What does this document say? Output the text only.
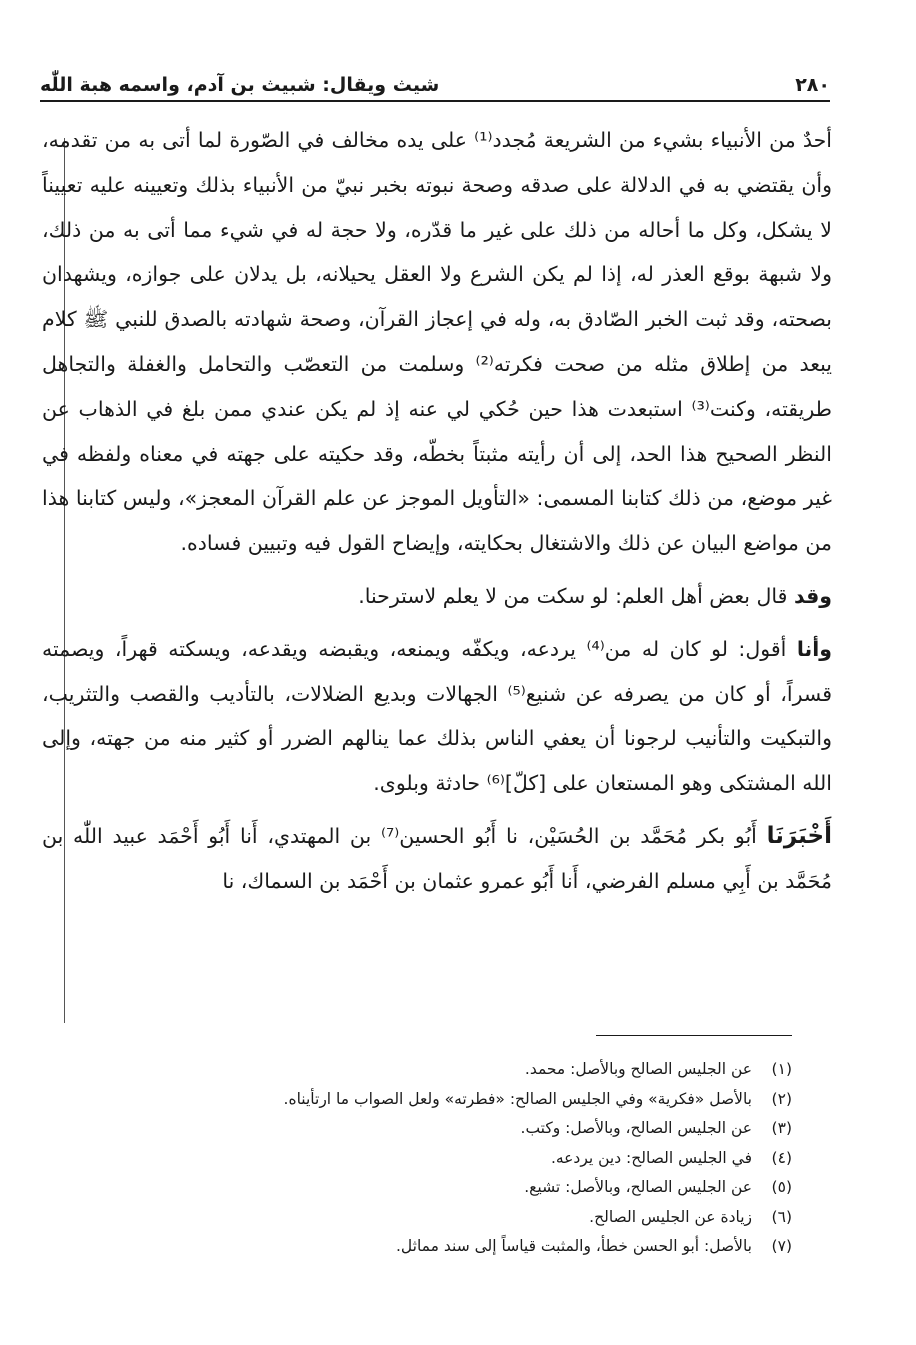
٢٨٠
شيث ويقال: شبيث بن آدم، واسمه هبة اللّٰه

أحدٌ من الأنبياء بشيء من الشريعة مُجدد⁽¹⁾ على يده مخالف في الصّورة لما أتى به من تقدمه، وأن يقتضي به في الدلالة على صدقه وصحة نبوته بخبر نبيّ من الأنبياء بذلك وتعيينه عليه تعييناً لا يشكل، وكل ما أحاله من ذلك على غير ما قدّره، ولا حجة له في شيء مما أتى به من ذلك، ولا شبهة بوقع العذر له، إذا لم يكن الشرع ولا العقل يحيلانه، بل يدلان على جوازه، ويشهدان بصحته، وقد ثبت الخبر الصّادق به، وله في إعجاز القرآن، وصحة شهادته بالصدق للنبي ﷺ كلام يبعد من إطلاق مثله من صحت فكرته⁽²⁾ وسلمت من التعصّب والتحامل والغفلة والتجاهل طريقته، وكنت⁽³⁾ استبعدت هذا حين حُكي لي عنه إذ لم يكن عندي ممن بلغ في الذهاب عن النظر الصحيح هذا الحد، إلى أن رأيته مثبتاً بخطّه، وقد حكيته على جهته في معناه ولفظه في غير موضع، من ذلك كتابنا المسمى: «التأويل الموجز عن علم القرآن المعجز»، وليس كتابنا هذا من مواضع البيان عن ذلك والاشتغال بحكايته، وإيضاح القول فيه وتبيين فساده.

وقد قال بعض أهل العلم: لو سكت من لا يعلم لاسترحنا.

وأنا أقول: لو كان له من⁽⁴⁾ يردعه، ويكفّه ويمنعه، ويقبضه ويقدعه، ويسكته قهراً، ويصمته قسراً، أو كان من يصرفه عن شنيع⁽⁵⁾ الجهالات وبديع الضلالات، بالتأديب والقصب والتثريب، والتبكيت والتأنيب لرجونا أن يعفي الناس بذلك عما ينالهم الضرر أو كثير منه من جهته، وإلى الله المشتكى وهو المستعان على [كلّ]⁽⁶⁾ حادثة وبلوى.

أَخْبَرَنَا أَبُو بكر مُحَمَّد بن الحُسَيْن، نا أَبُو الحسين⁽⁷⁾ بن المهتدي، أَنا أَبُو أَحْمَد عبيد اللّٰه بن مُحَمَّد بن أَبِي مسلم الفرضي، أَنا أَبُو عمرو عثمان بن أَحْمَد بن السماك، نا

(١)عن الجليس الصالح وبالأصل: محمد.
(٢)بالأصل «فكرية» وفي الجليس الصالح: «فطرته» ولعل الصواب ما ارتأيناه.
(٣)عن الجليس الصالح، وبالأصل: وكتب.
(٤)في الجليس الصالح: دين يردعه.
(٥)عن الجليس الصالح، وبالأصل: تشيع.
(٦)زيادة عن الجليس الصالح.
(٧)بالأصل: أبو الحسن خطأ، والمثبت قياساً إلى سند مماثل.
